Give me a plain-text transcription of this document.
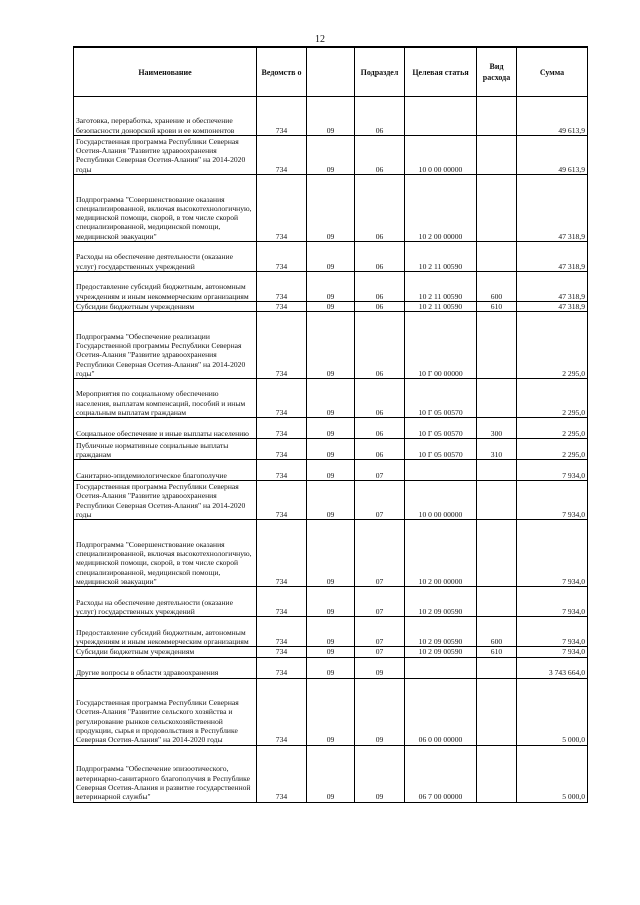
12
Наименование	Ведомств о		Подраздел	Целевая статья	Вид расхода	Сумма
Заготовка, переработка, хранение и обеспечение безопасности донорской крови и ее компонентов	734	09	06			49 613,9
Государственная программа Республики Северная Осетия-Алания "Развитие здравоохранения Республики Северная Осетия-Алания" на 2014-2020 годы	734	09	06	10 0 00 00000		49 613,9
Подпрограмма "Совершенствование оказания специализированной, включая высокотехнологичную, медицинской помощи, скорой, в том числе скорой специализированной, медицинской помощи, медицинской эвакуации"	734	09	06	10 2 00 00000		47 318,9
Расходы на обеспечение деятельности (оказание услуг) государственных учреждений	734	09	06	10 2 11 00590		47 318,9
Предоставление субсидий бюджетным, автономным учреждениям и иным некоммерческим организациям	734	09	06	10 2 11 00590	600	47 318,9
Субсидии бюджетным учреждениям	734	09	06	10 2 11 00590	610	47 318,9
Подпрограмма "Обеспечение реализации Государственной программы Республики Северная Осетия-Алания "Развитие здравоохранения Республики Северная Осетия-Алания" на 2014-2020 годы"	734	09	06	10 Г 00 00000		2 295,0
Мероприятия по социальному обеспечению населения, выплатам компенсаций, пособий и иным социальным выплатам гражданам	734	09	06	10 Г 05 00570		2 295,0
Социальное обеспечение и иные выплаты населению	734	09	06	10 Г 05 00570	300	2 295,0
Публичные нормативные социальные выплаты гражданам	734	09	06	10 Г 05 00570	310	2 295,0
Санитарно-эпидемиологическое благополучие	734	09	07			7 934,0
Государственная программа Республики Северная Осетия-Алания "Развитие здравоохранения Республики Северная Осетия-Алания" на 2014-2020 годы	734	09	07	10 0 00 00000		7 934,0
Подпрограмма "Совершенствование оказания специализированной, включая высокотехнологичную, медицинской помощи, скорой, в том числе скорой специализированной, медицинской помощи, медицинской эвакуации"	734	09	07	10 2 00 00000		7 934,0
Расходы на обеспечение деятельности (оказание услуг) государственных учреждений	734	09	07	10 2 09 00590		7 934,0
Предоставление субсидий бюджетным, автономным учреждениям и иным некоммерческим организациям	734	09	07	10 2 09 00590	600	7 934,0
Субсидии бюджетным учреждениям	734	09	07	10 2 09 00590	610	7 934,0
Другие вопросы в области здравоохранения	734	09	09			3 743 664,0
Государственная программа Республики Северная Осетия-Алания "Развитие сельского хозяйства и регулирование рынков сельскохозяйственной продукции, сырья и продовольствия в Республике Северная Осетия-Алания" на 2014-2020 годы	734	09	09	06 0 00 00000		5 000,0
Подпрограмма "Обеспечение эпизоотического, ветеринарно-санитарного благополучия в Республике Северная Осетия-Алания и развитие государственной ветеринарной службы"	734	09	09	06 7 00 00000		5 000,0
